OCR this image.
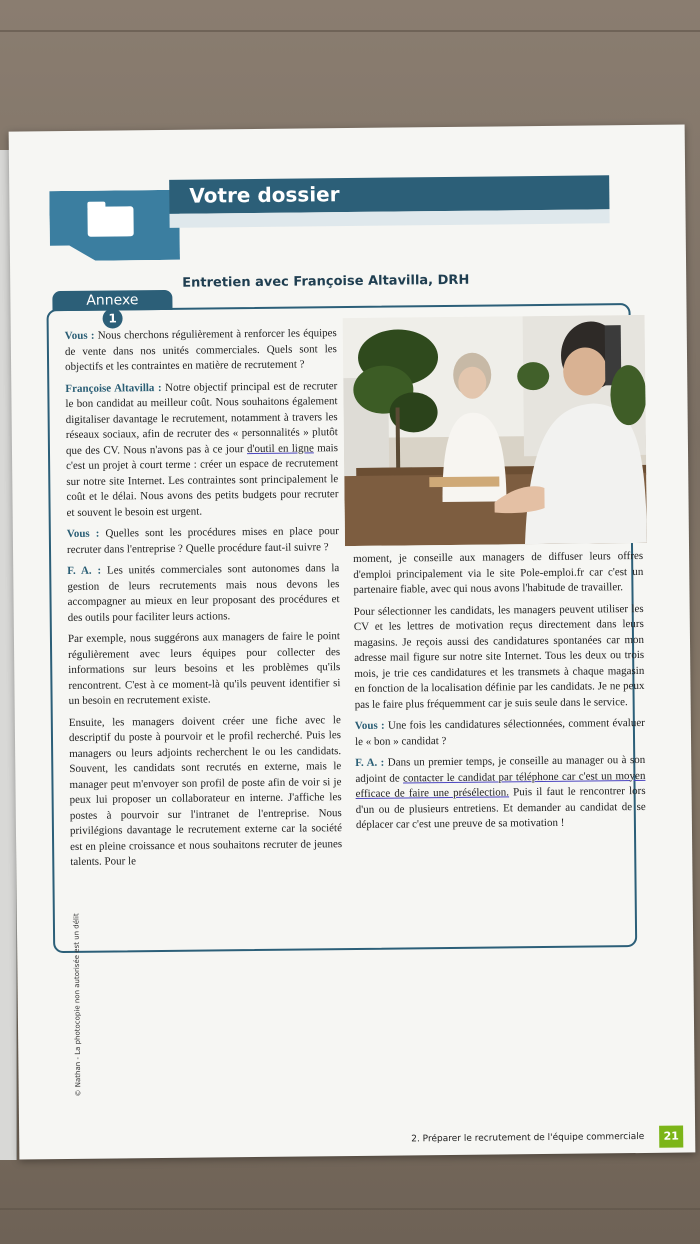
Votre dossier
Annexe
1
Entretien avec Françoise Altavilla, DRH

Vous : Nous cherchons régulièrement à renforcer les équipes de vente dans nos unités commerciales. Quels sont les objectifs et les contraintes en matière de recrutement ?

Françoise Altavilla : Notre objectif principal est de recruter le bon candidat au meilleur coût. Nous souhaitons également digitaliser davantage le recrutement, notamment à travers les réseaux sociaux, afin de recruter des « personnalités » plutôt que des CV. Nous n'avons pas à ce jour d'outil en ligne mais c'est un projet à court terme : créer un espace de recrutement sur notre site Internet. Les contraintes sont principalement le coût et le délai. Nous avons des petits budgets pour recruter et souvent le besoin est urgent.

Vous : Quelles sont les procédures mises en place pour recruter dans l'entreprise ? Quelle procédure faut-il suivre ?

F. A. : Les unités commerciales sont autonomes dans la gestion de leurs recrutements mais nous devons les accompagner au mieux en leur proposant des procédures et des outils pour faciliter leurs actions.

Par exemple, nous suggérons aux managers de faire le point régulièrement avec leurs équipes pour collecter des informations sur leurs besoins et les problèmes qu'ils rencontrent. C'est à ce moment-là qu'ils peuvent identifier si un besoin en recrutement existe.

Ensuite, les managers doivent créer une fiche avec le descriptif du poste à pourvoir et le profil recherché. Puis les managers ou leurs adjoints recherchent le ou les candidats. Souvent, les candidats sont recrutés en externe, mais le manager peut m'envoyer son profil de poste afin de voir si je peux lui proposer un collaborateur en interne. J'affiche les postes à pourvoir sur l'intranet de l'entreprise. Nous privilégions davantage le recrutement externe car la société est en pleine croissance et nous souhaitons recruter de jeunes talents. Pour le

moment, je conseille aux managers de diffuser leurs offres d'emploi principalement via le site Pole-emploi.fr car c'est un partenaire fiable, avec qui nous avons l'habitude de travailler.

Pour sélectionner les candidats, les managers peuvent utiliser les CV et les lettres de motivation reçus directement dans leurs magasins. Je reçois aussi des candidatures spontanées car mon adresse mail figure sur notre site Internet. Tous les deux ou trois mois, je trie ces candidatures et les transmets à chaque magasin en fonction de la localisation définie par les candidats. Je ne peux pas le faire plus fréquemment car je suis seule dans le service.

Vous : Une fois les candidatures sélectionnées, comment évaluer le « bon » candidat ?

F. A. : Dans un premier temps, je conseille au manager ou à son adjoint de contacter le candidat par téléphone car c'est un moyen efficace de faire une présélection. Puis il faut le rencontrer lors d'un ou de plusieurs entretiens. Et demander au candidat de se déplacer car c'est une preuve de sa motivation !

2. Préparer le recrutement de l'équipe commerciale	21
© Nathan - La photocopie non autorisée est un délit
